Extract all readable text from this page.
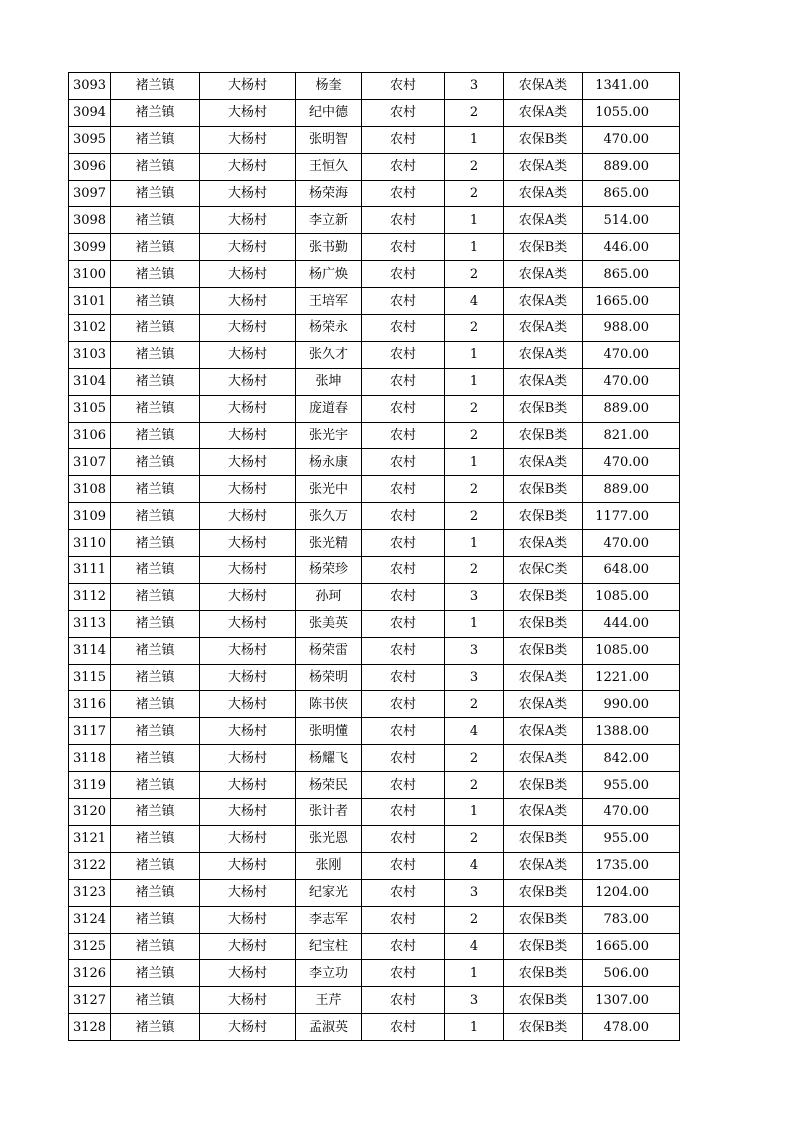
3093	褚兰镇	大杨村	杨奎	农村	3	农保A类	1341.00
3094	褚兰镇	大杨村	纪中德	农村	2	农保A类	1055.00
3095	褚兰镇	大杨村	张明智	农村	1	农保B类	470.00
3096	褚兰镇	大杨村	王恒久	农村	2	农保A类	889.00
3097	褚兰镇	大杨村	杨荣海	农村	2	农保A类	865.00
3098	褚兰镇	大杨村	李立新	农村	1	农保A类	514.00
3099	褚兰镇	大杨村	张书勤	农村	1	农保B类	446.00
3100	褚兰镇	大杨村	杨广焕	农村	2	农保A类	865.00
3101	褚兰镇	大杨村	王培军	农村	4	农保A类	1665.00
3102	褚兰镇	大杨村	杨荣永	农村	2	农保A类	988.00
3103	褚兰镇	大杨村	张久才	农村	1	农保A类	470.00
3104	褚兰镇	大杨村	张坤	农村	1	农保A类	470.00
3105	褚兰镇	大杨村	庞道春	农村	2	农保B类	889.00
3106	褚兰镇	大杨村	张光宇	农村	2	农保B类	821.00
3107	褚兰镇	大杨村	杨永康	农村	1	农保A类	470.00
3108	褚兰镇	大杨村	张光中	农村	2	农保B类	889.00
3109	褚兰镇	大杨村	张久万	农村	2	农保B类	1177.00
3110	褚兰镇	大杨村	张光精	农村	1	农保A类	470.00
3111	褚兰镇	大杨村	杨荣珍	农村	2	农保C类	648.00
3112	褚兰镇	大杨村	孙珂	农村	3	农保B类	1085.00
3113	褚兰镇	大杨村	张美英	农村	1	农保B类	444.00
3114	褚兰镇	大杨村	杨荣雷	农村	3	农保B类	1085.00
3115	褚兰镇	大杨村	杨荣明	农村	3	农保A类	1221.00
3116	褚兰镇	大杨村	陈书侠	农村	2	农保A类	990.00
3117	褚兰镇	大杨村	张明懂	农村	4	农保A类	1388.00
3118	褚兰镇	大杨村	杨耀飞	农村	2	农保A类	842.00
3119	褚兰镇	大杨村	杨荣民	农村	2	农保B类	955.00
3120	褚兰镇	大杨村	张计者	农村	1	农保A类	470.00
3121	褚兰镇	大杨村	张光恩	农村	2	农保B类	955.00
3122	褚兰镇	大杨村	张刚	农村	4	农保A类	1735.00
3123	褚兰镇	大杨村	纪家光	农村	3	农保B类	1204.00
3124	褚兰镇	大杨村	李志军	农村	2	农保B类	783.00
3125	褚兰镇	大杨村	纪宝柱	农村	4	农保B类	1665.00
3126	褚兰镇	大杨村	李立功	农村	1	农保B类	506.00
3127	褚兰镇	大杨村	王芹	农村	3	农保B类	1307.00
3128	褚兰镇	大杨村	孟淑英	农村	1	农保B类	478.00
